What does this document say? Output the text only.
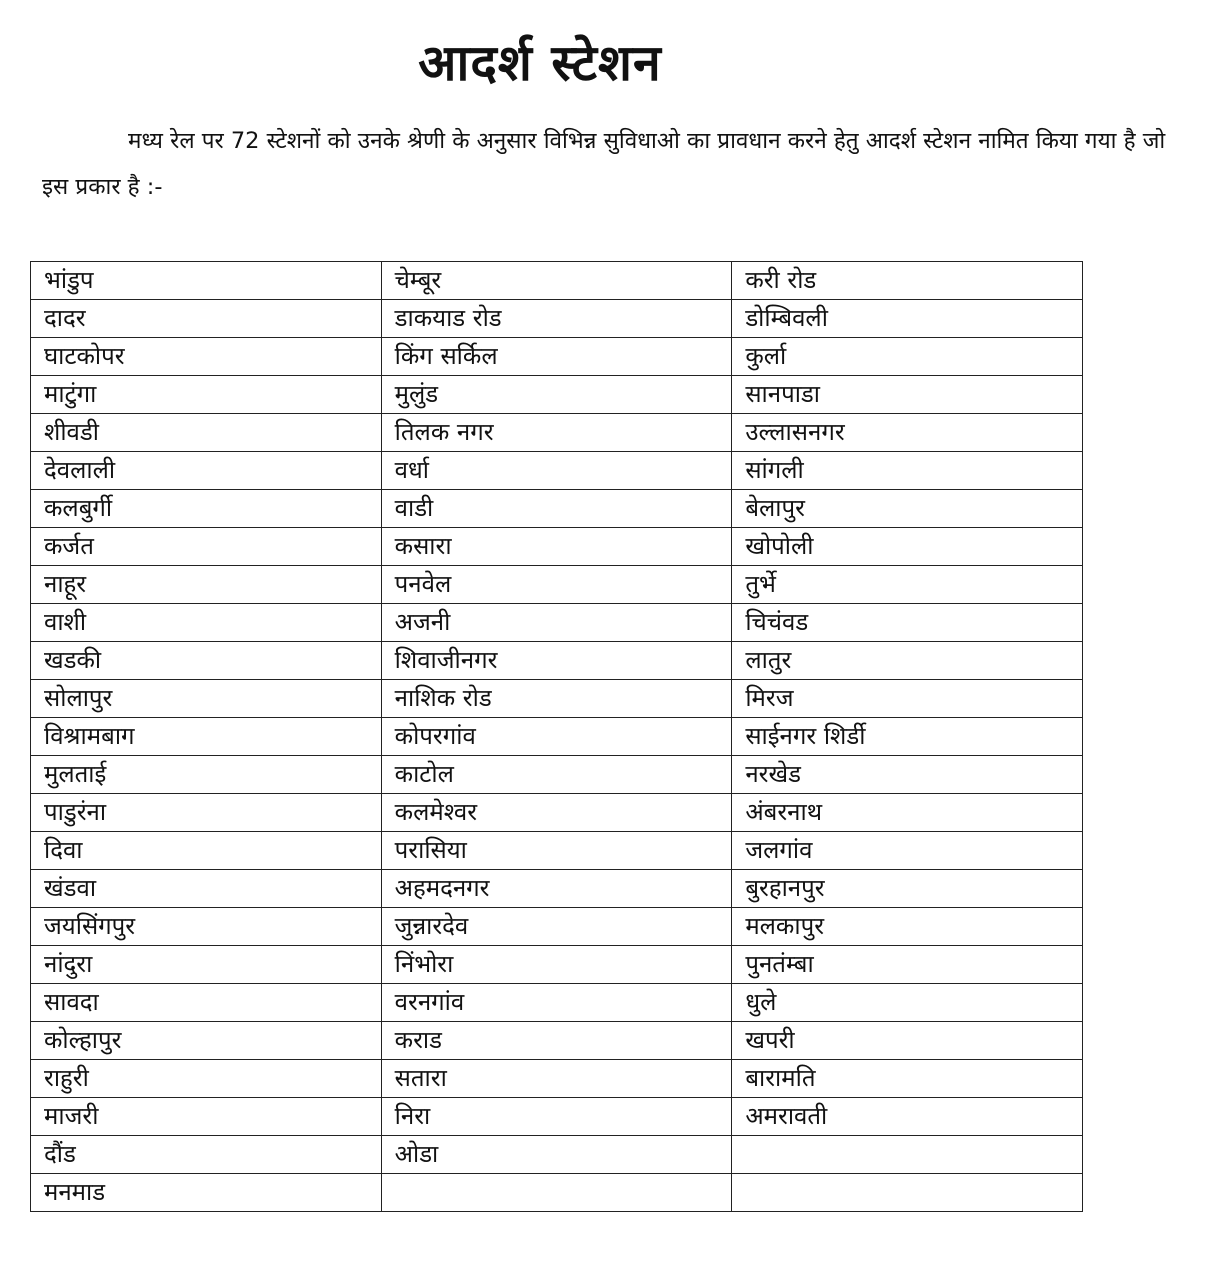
आदर्श स्टेशन

मध्य रेल पर 72 स्टेशनों को उनके श्रेणी के अनुसार विभिन्न सुविधाओ का प्रावधान करने हेतु आदर्श स्टेशन नामित किया गया है जो इस प्रकार है :-

भांडुप	चेम्बूर	करी रोड
दादर	डाकयाड रोड	डोम्बिवली
घाटकोपर	किंग सर्किल	कुर्ला
माटुंगा	मुलुंड	सानपाडा
शीवडी	तिलक नगर	उल्लासनगर
देवलाली	वर्धा	सांगली
कलबुर्गी	वाडी	बेलापुर
कर्जत	कसारा	खोपोली
नाहूर	पनवेल	तुर्भे
वाशी	अजनी	चिचंवड
खडकी	शिवाजीनगर	लातुर
सोलापुर	नाशिक रोड	मिरज
विश्रामबाग	कोपरगांव	साईनगर शिर्डी
मुलताई	काटोल	नरखेड
पाडुरंना	कलमेश्वर	अंबरनाथ
दिवा	परासिया	जलगांव
खंडवा	अहमदनगर	बुरहानपुर
जयसिंगपुर	जुन्नारदेव	मलकापुर
नांदुरा	निंभोरा	पुनतंम्बा
सावदा	वरनगांव	धुले
कोल्हापुर	कराड	खपरी
राहुरी	सतारा	बारामति
माजरी	निरा	अमरावती
दौंड	ओडा	
मनमाड		
